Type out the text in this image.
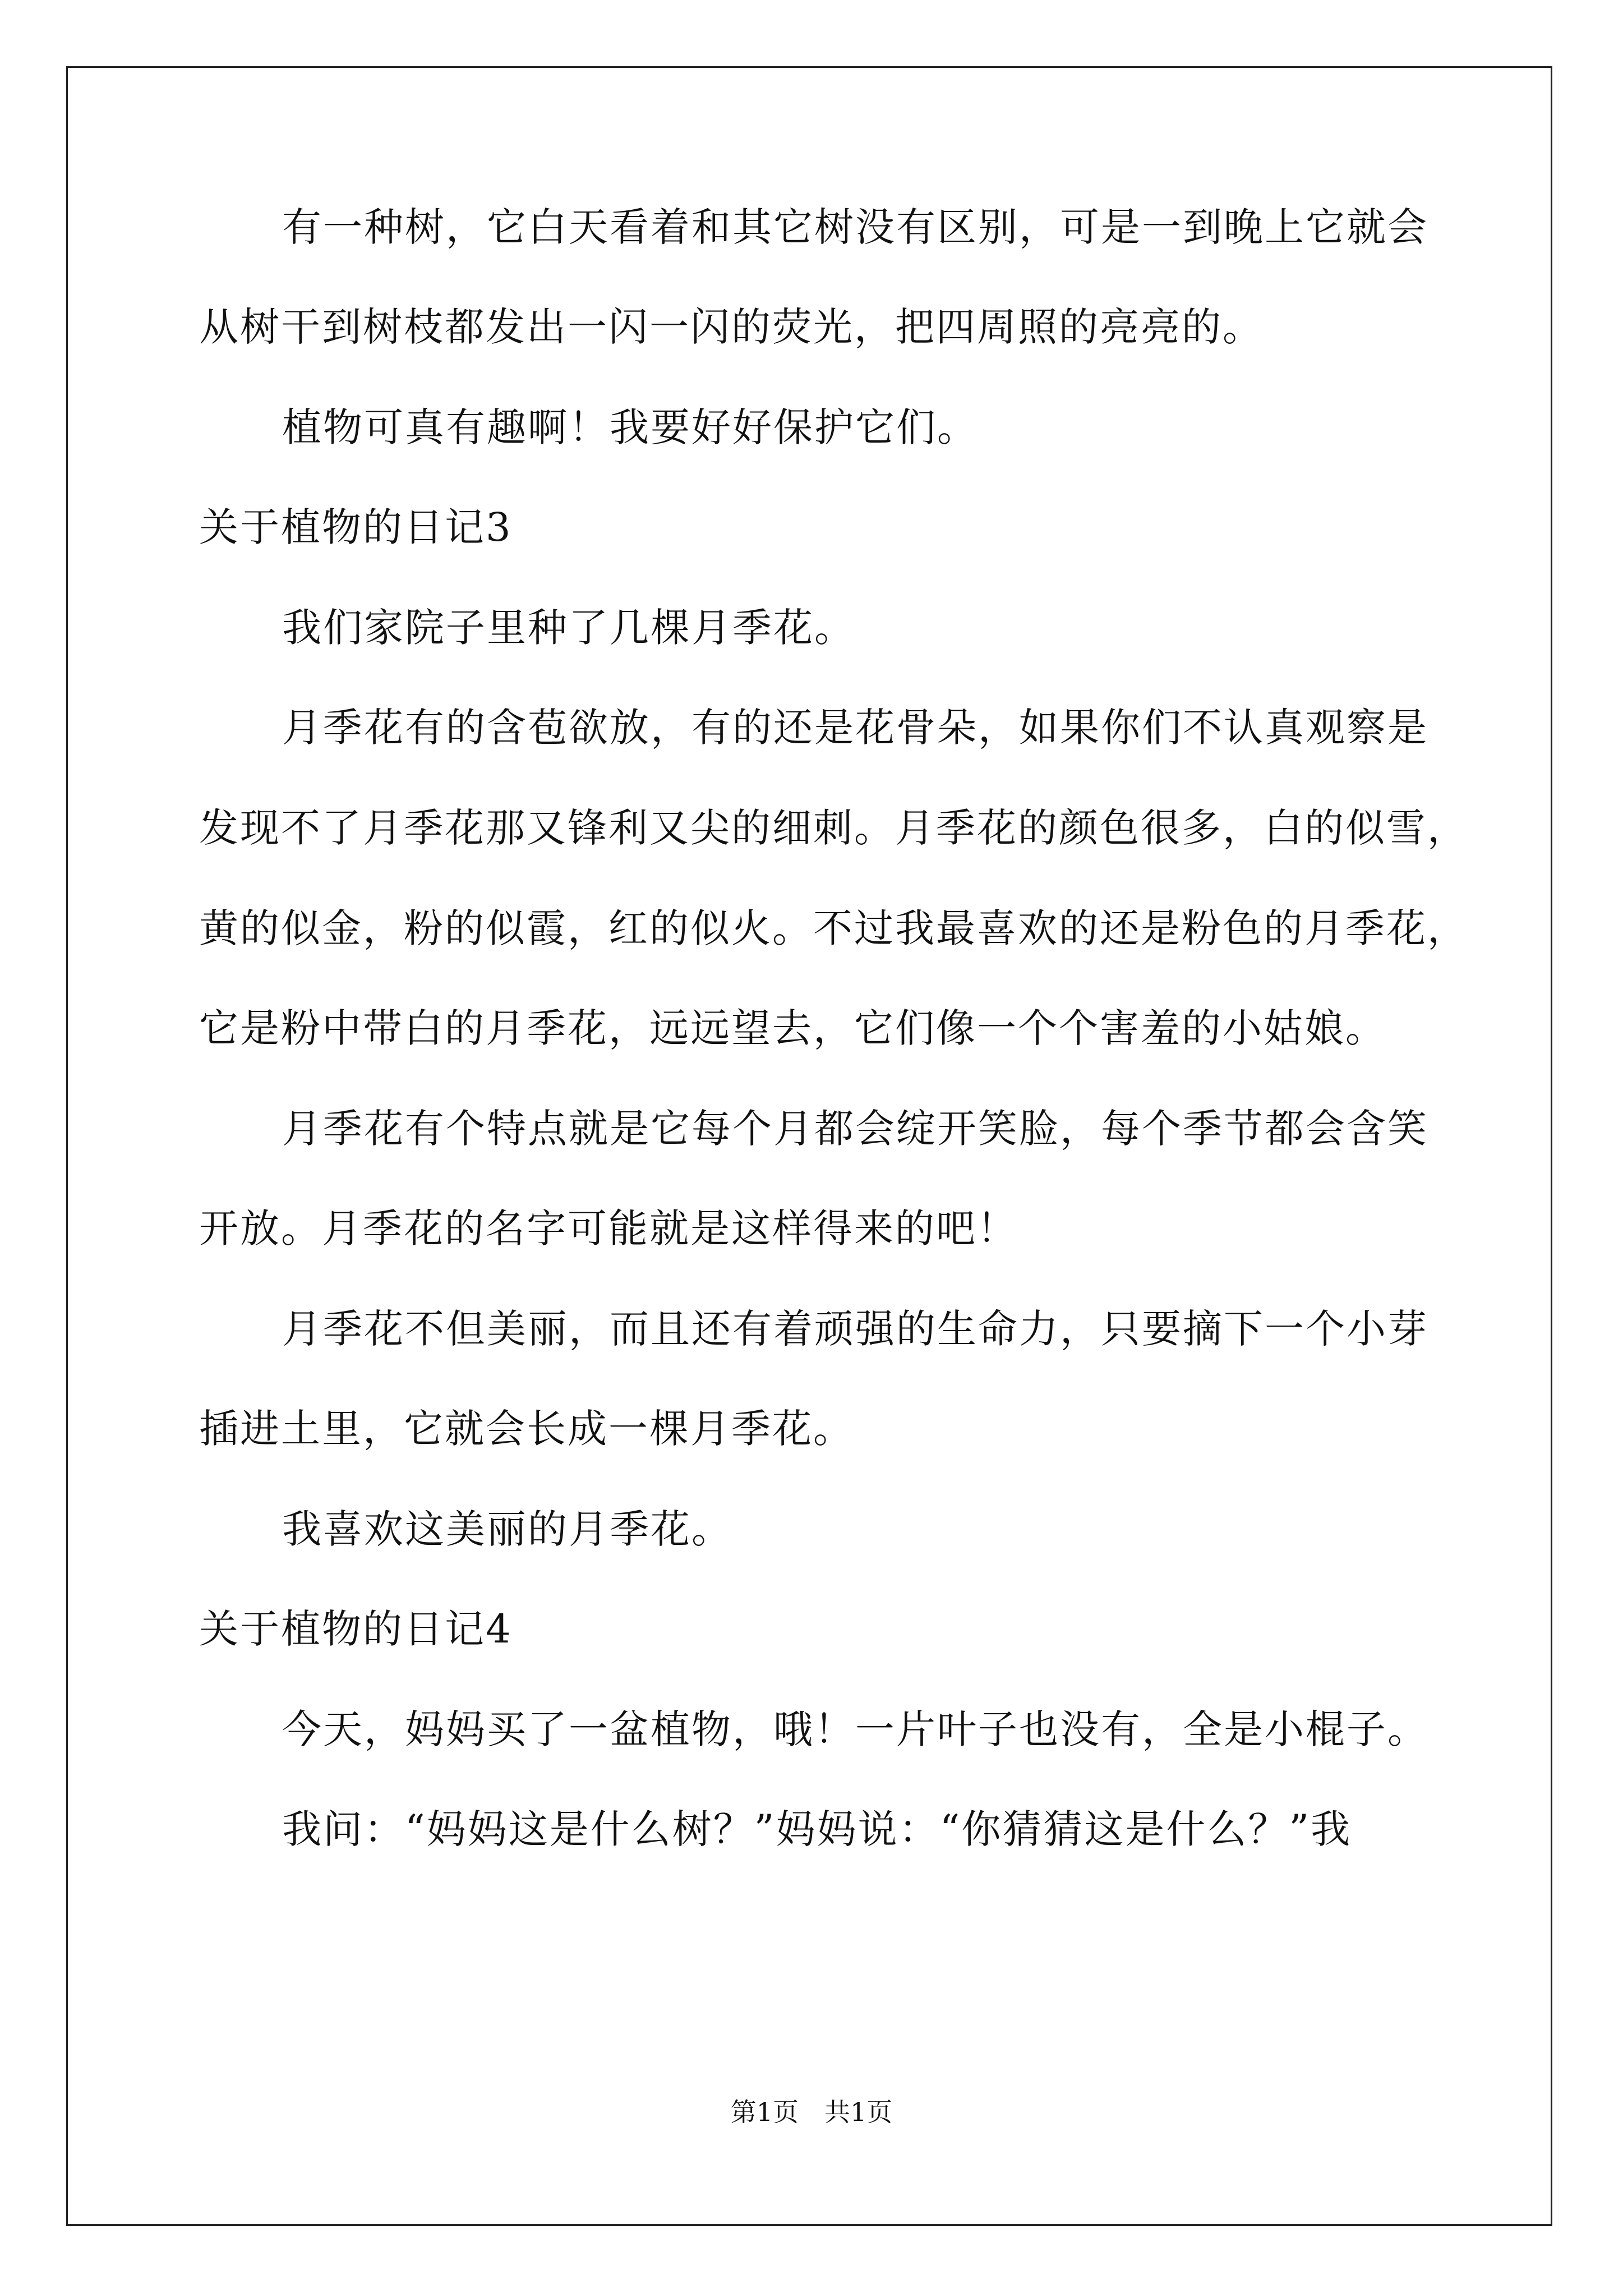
有一种树，它白天看着和其它树没有区别，可是一到晚上它就会
从树干到树枝都发出一闪一闪的荧光，把四周照的亮亮的。
植物可真有趣啊！我要好好保护它们。
关于植物的日记3
我们家院子里种了几棵月季花。
月季花有的含苞欲放，有的还是花骨朵，如果你们不认真观察是
发现不了月季花那又锋利又尖的细刺。月季花的颜色很多，白的似雪，
黄的似金，粉的似霞，红的似火。不过我最喜欢的还是粉色的月季花，
它是粉中带白的月季花，远远望去，它们像一个个害羞的小姑娘。
月季花有个特点就是它每个月都会绽开笑脸，每个季节都会含笑
开放。月季花的名字可能就是这样得来的吧！
月季花不但美丽，而且还有着顽强的生命力，只要摘下一个小芽
插进土里，它就会长成一棵月季花。
我喜欢这美丽的月季花。
关于植物的日记4
今天，妈妈买了一盆植物，哦！一片叶子也没有，全是小棍子。
我问：“妈妈这是什么树？”妈妈说：“你猜猜这是什么？”我
第1页　共1页
